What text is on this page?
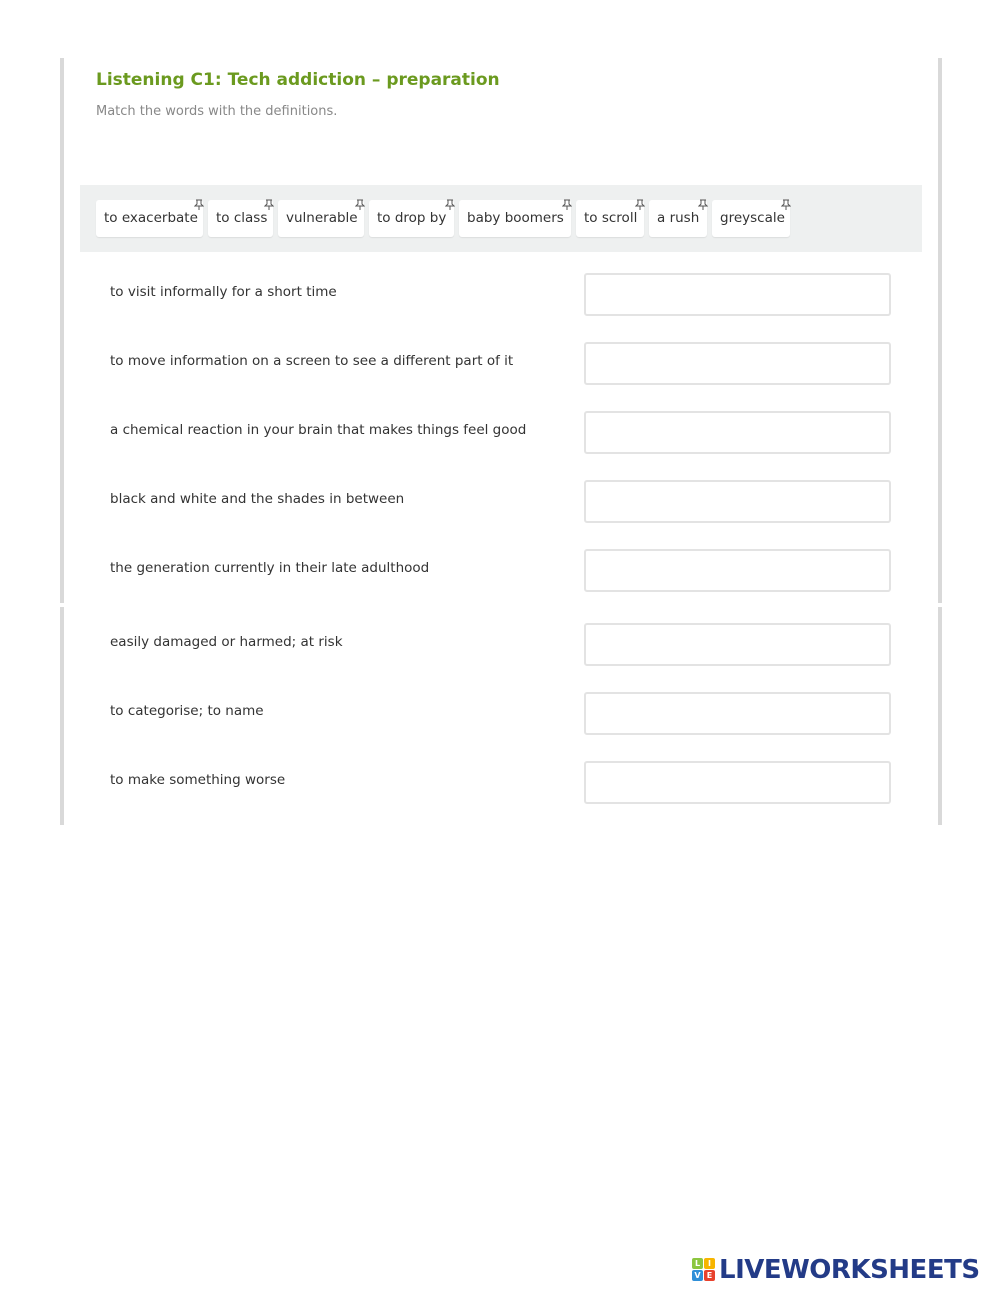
Listening C1: Tech addiction – preparation
Match the words with the definitions.
to exacerbate to class vulnerable to drop by baby boomers to scroll a rush greyscale
to visit informally for a short time
to move information on a screen to see a different part of it
a chemical reaction in your brain that makes things feel good
black and white and the shades in between
the generation currently in their late adulthood
easily damaged or harmed; at risk
to categorise; to name
to make something worse
L I
V E LIVEWORKSHEETS
